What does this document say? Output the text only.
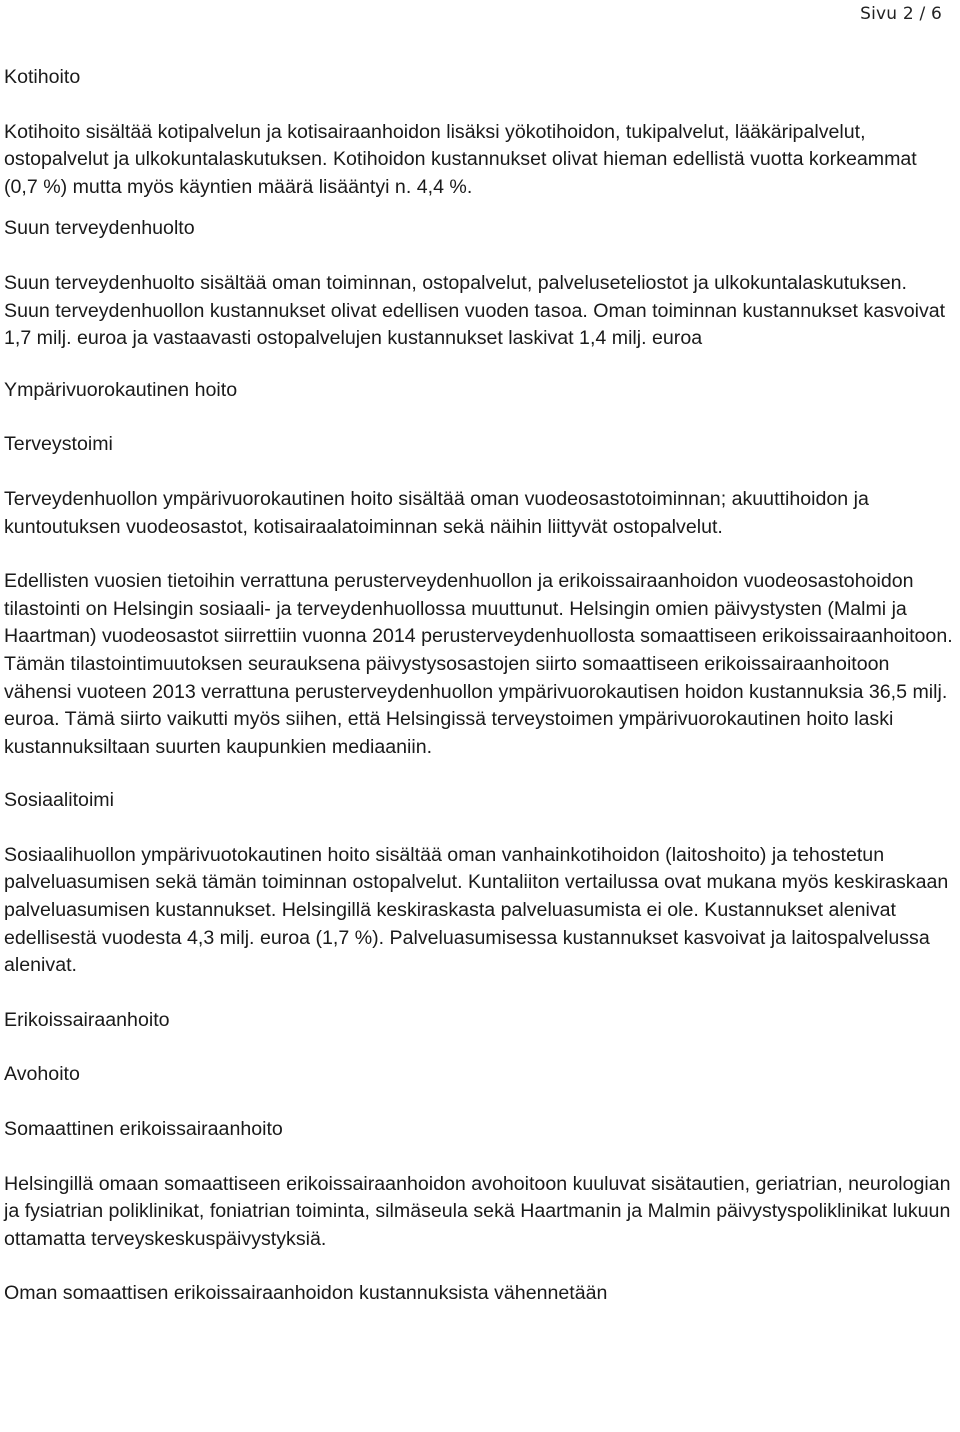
Sivu 2 / 6

Kotihoito

Kotihoito sisältää kotipalvelun ja kotisairaanhoidon lisäksi yökotihoidon, tukipalvelut, lääkäripalvelut, ostopalvelut ja ulkokuntalaskutuksen. Kotihoidon kustannukset olivat hieman edellistä vuotta korkeammat (0,7 %) mutta myös käyntien määrä lisääntyi n. 4,4 %.

Suun terveydenhuolto

Suun terveydenhuolto sisältää oman toiminnan, ostopalvelut, palveluseteliostot ja ulkokuntalaskutuksen. Suun terveydenhuollon kustannukset olivat edellisen vuoden tasoa. Oman toiminnan kustannukset kasvoivat 1,7 milj. euroa ja vastaavasti ostopalvelujen kustannukset laskivat 1,4 milj. euroa

Ympärivuorokautinen hoito

Terveystoimi

Terveydenhuollon ympärivuorokautinen hoito sisältää oman vuodeosastotoiminnan; akuuttihoidon ja kuntoutuksen vuodeosastot, kotisairaalatoiminnan sekä näihin liittyvät ostopalvelut.

Edellisten vuosien tietoihin verrattuna perusterveydenhuollon ja erikoissairaanhoidon vuodeosastohoidon tilastointi on Helsingin sosiaali- ja terveydenhuollossa muuttunut. Helsingin omien päivystysten (Malmi ja Haartman) vuodeosastot siirrettiin vuonna 2014 perusterveydenhuollosta somaattiseen erikoissairaanhoitoon. Tämän tilastointimuutoksen seurauksena päivystysosastojen siirto somaattiseen erikoissairaanhoitoon vähensi vuoteen 2013 verrattuna perusterveydenhuollon ympärivuorokautisen hoidon kustannuksia 36,5 milj. euroa. Tämä siirto vaikutti myös siihen, että Helsingissä terveystoimen ympärivuorokautinen hoito laski kustannuksiltaan suurten kaupunkien mediaaniin.

Sosiaalitoimi

Sosiaalihuollon ympärivuotokautinen hoito sisältää oman vanhainkotihoidon (laitoshoito) ja tehostetun palveluasumisen sekä tämän toiminnan ostopalvelut. Kuntaliiton vertailussa ovat mukana myös keskiraskaan palveluasumisen kustannukset. Helsingillä keskiraskasta palveluasumista ei ole. Kustannukset alenivat edellisestä vuodesta 4,3 milj. euroa (1,7 %). Palveluasumisessa kustannukset kasvoivat ja laitospalvelussa alenivat.

Erikoissairaanhoito

Avohoito

Somaattinen erikoissairaanhoito

Helsingillä omaan somaattiseen erikoissairaanhoidon avohoitoon kuuluvat sisätautien, geriatrian, neurologian ja fysiatrian poliklinikat, foniatrian toiminta, silmäseula sekä Haartmanin ja Malmin päivystyspoliklinikat lukuun ottamatta terveyskeskuspäivystyksiä.

Oman somaattisen erikoissairaanhoidon kustannuksista vähennetään
